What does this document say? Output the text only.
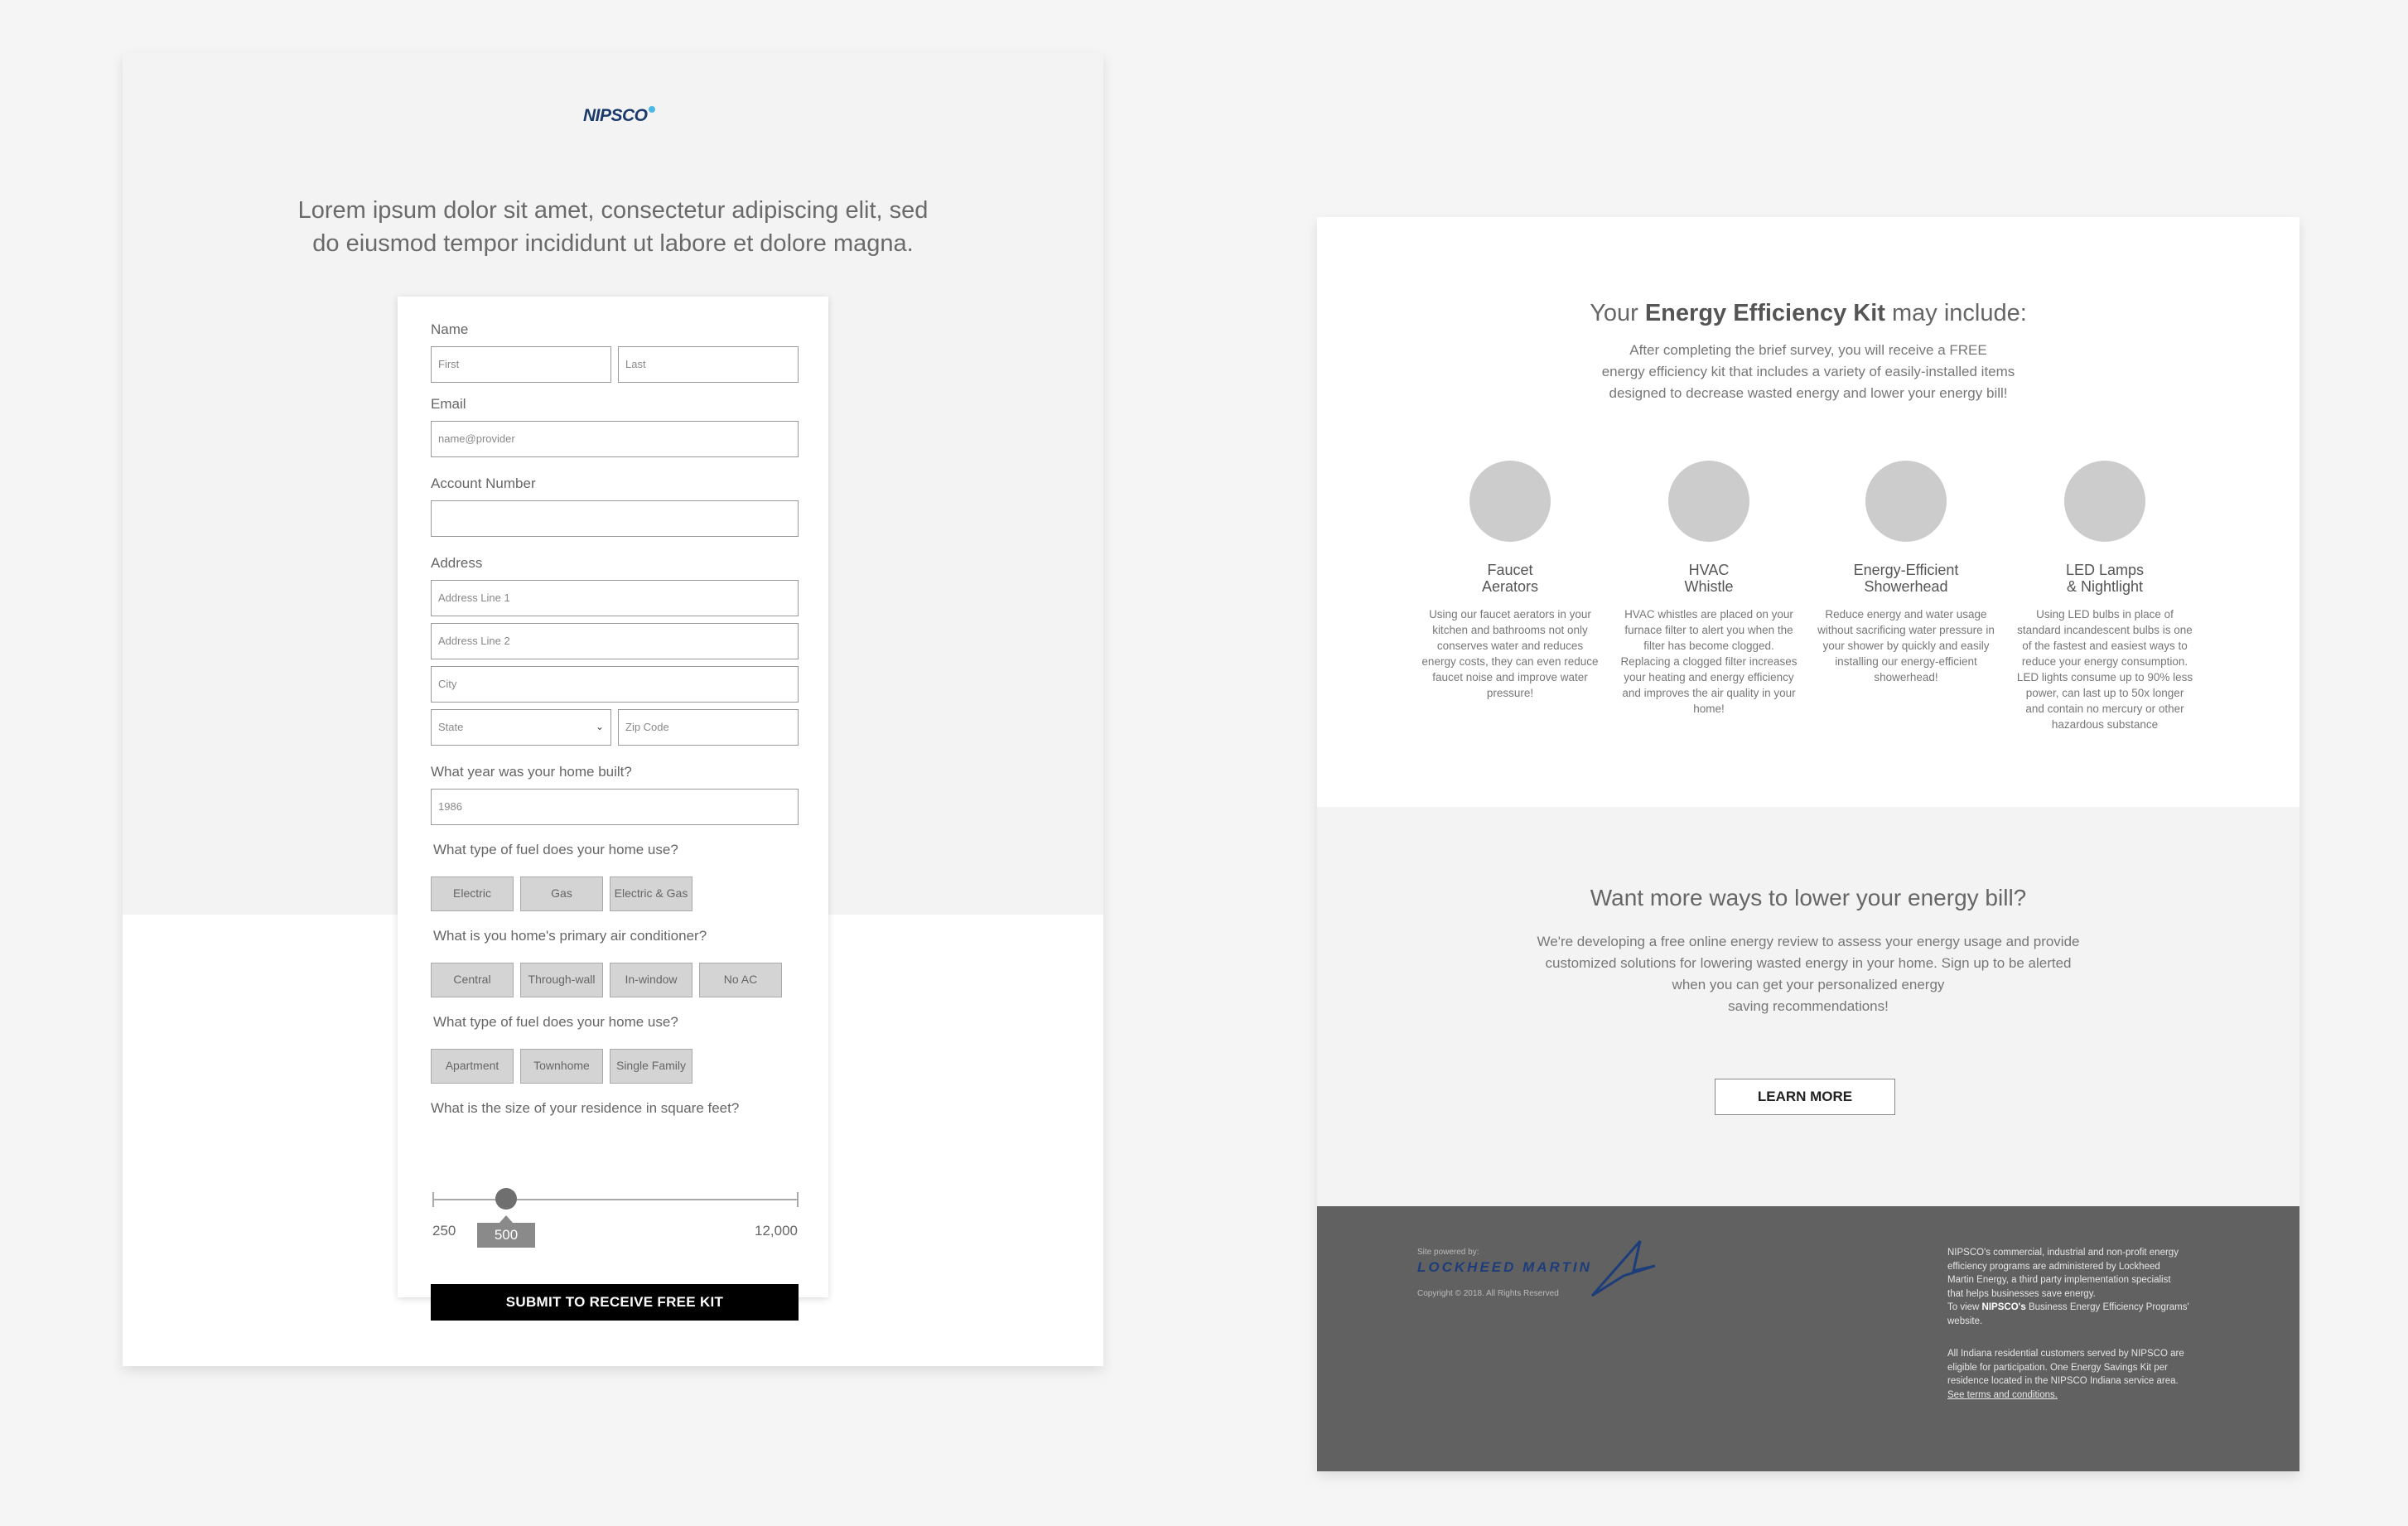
NIPSCO
Lorem ipsum dolor sit amet, consectetur adipiscing elit, sed
do eiusmod tempor incididunt ut labore et dolore magna.
Name
First	Last
Email
name@provider
Account Number
Address
Address Line 1
Address Line 2
City
State	⌄	Zip Code
What year was your home built?
1986
What type of fuel does your home use?
Electric	Gas	Electric & Gas
What is you home's primary air conditioner?
Central	Through-wall	In-window	No AC
What type of fuel does your home use?
Apartment	Townhome	Single Family
What is the size of your residence in square feet?
500
250	12,000
SUBMIT TO RECEIVE FREE KIT
Your Energy Efficiency Kit may include:
After completing the brief survey, you will receive a FREE
energy efficiency kit that includes a variety of easily-installed items
designed to decrease wasted energy and lower your energy bill!
Faucet
Aerators
Using our faucet aerators in your
kitchen and bathrooms not only
conserves water and reduces
energy costs, they can even reduce
faucet noise and improve water
pressure!
HVAC
Whistle
HVAC whistles are placed on your
furnace filter to alert you when the
filter has become clogged.
Replacing a clogged filter increases
your heating and energy efficiency
and improves the air quality in your
home!
Energy-Efficient
Showerhead
Reduce energy and water usage
without sacrificing water pressure in
your shower by quickly and easily
installing our energy-efficient
showerhead!
LED Lamps
& Nightlight
Using LED bulbs in place of
standard incandescent bulbs is one
of the fastest and easiest ways to
reduce your energy consumption.
LED lights consume up to 90% less
power, can last up to 50x longer
and contain no mercury or other
hazardous substance
Want more ways to lower your energy bill?
We're developing a free online energy review to assess your energy usage and provide
customized solutions for lowering wasted energy in your home. Sign up to be alerted
when you can get your personalized energy
saving recommendations!
LEARN MORE
Site powered by:
LOCKHEED MARTIN
Copyright © 2018. All Rights Reserved
NIPSCO's commercial, industrial and non-profit energy
efficiency programs are administered by Lockheed
Martin Energy, a third party implementation specialist
that helps businesses save energy.
To view NIPSCO's Business Energy Efficiency Programs'
website.
All Indiana residential customers served by NIPSCO are
eligible for participation. One Energy Savings Kit per
residence located in the NIPSCO Indiana service area.
See terms and conditions.
